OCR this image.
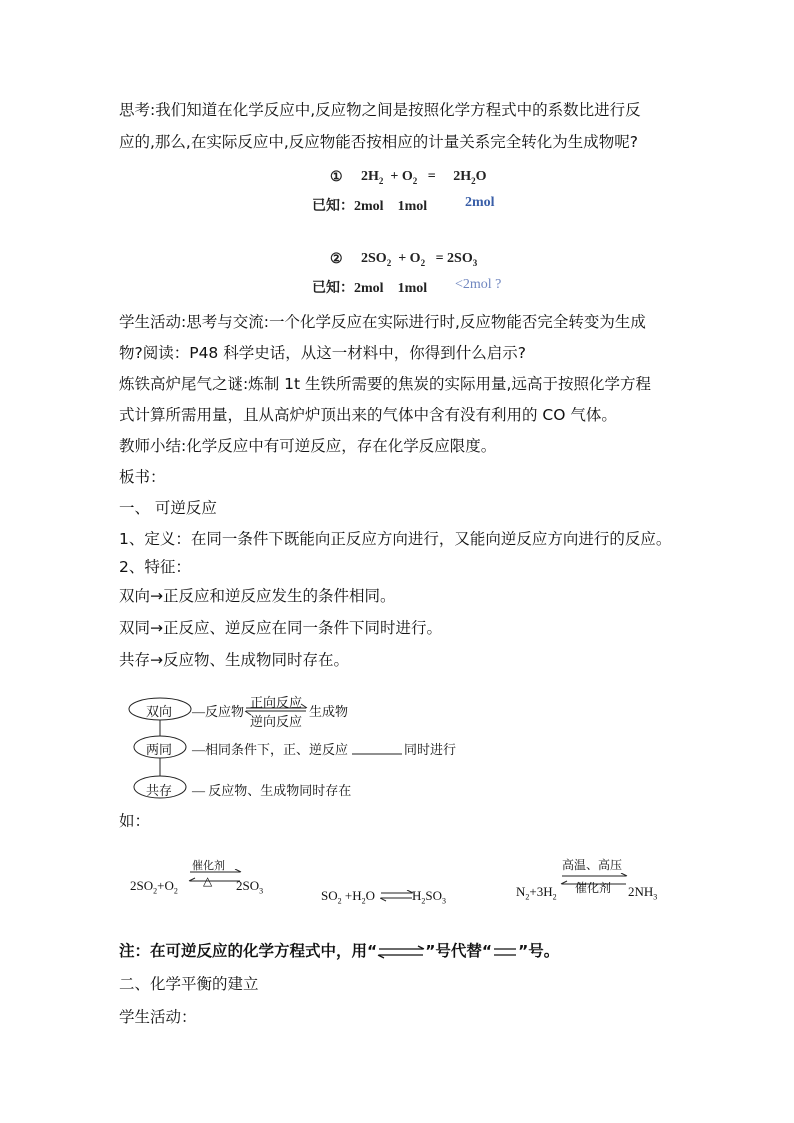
思考:我们知道在化学反应中,反应物之间是按照化学方程式中的系数比进行反
应的,那么,在实际反应中,反应物能否按相应的计量关系完全转化为生成物呢?
① $2H_2 + O_2 = 2H_2O$
已知：2mol 1mol	2mol
② $2SO_2 + O_2 = 2SO_3$
已知：2mol 1mol <2mol ?
学生活动:思考与交流:一个化学反应在实际进行时,反应物能否完全转变为生成
物?阅读：P48 科学史话，从这一材料中，你得到什么启示?
炼铁高炉尾气之谜:炼制 1t 生铁所需要的焦炭的实际用量,远高于按照化学方程
式计算所需用量，且从高炉炉顶出来的气体中含有没有利用的 CO 气体。
教师小结:化学反应中有可逆反应，存在化学反应限度。
板书：
一、 可逆反应
1、定义：在同一条件下既能向正反应方向进行，又能向逆反应方向进行的反应。
2、特征：
双向→正反应和逆反应发生的条件相同。
双同→正反应、逆反应在同一条件下同时进行。
共存→反应物、生成物同时存在。
双向
两同
共存
—反应物
正向反应
逆向反应
生成物
—相同条件下，正、逆反应	同时进行
— 反应物、生成物同时存在
如：
催化剂
△
$2SO_2+O_2$	$2SO_3$	$SO_2 +H_2O$	$H_2SO_3$
高温、高压
催化剂
$N_2+3H_2$	$2NH_3$
注：在可逆反应的化学方程式中，用“⇌”号代替“ ”号。
二、化学平衡的建立
学生活动：
